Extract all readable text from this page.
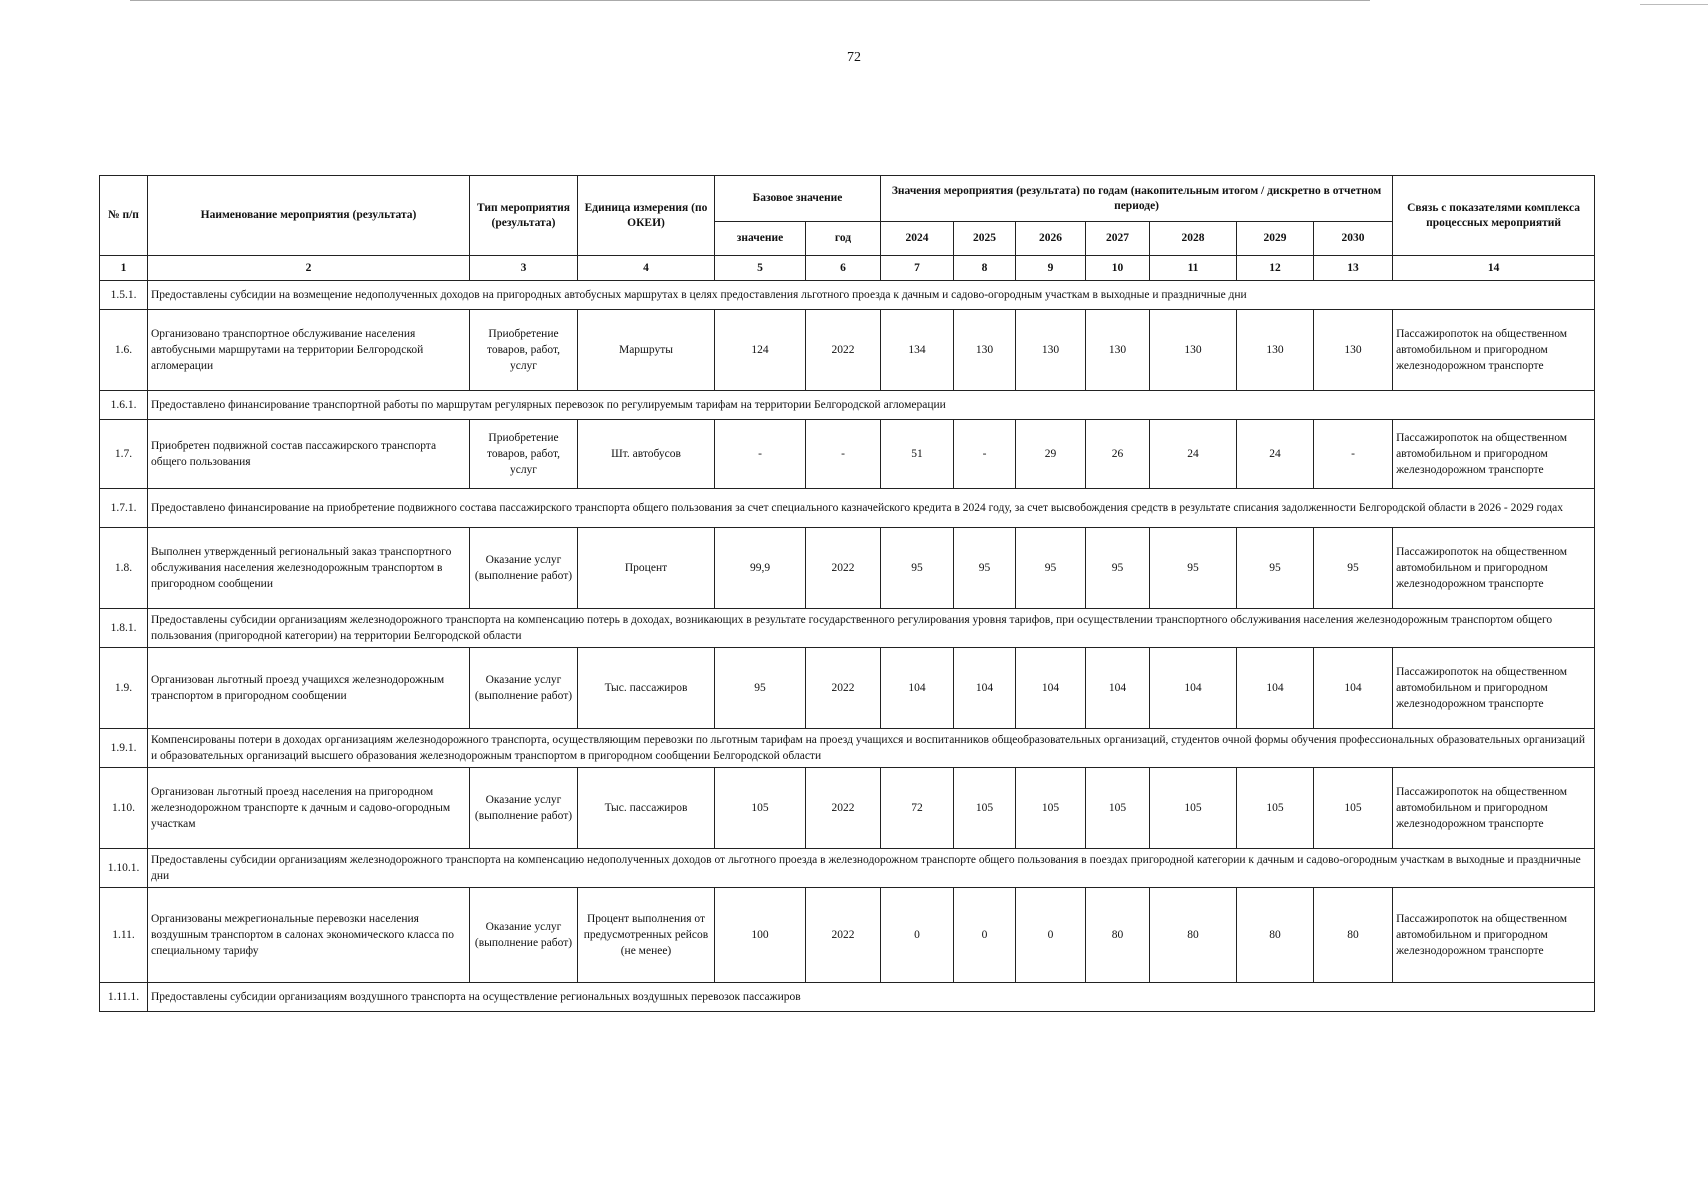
72
№ п/п	Наименование мероприятия (результата)	Тип мероприятия (результата)	Единица измерения (по ОКЕИ)	Базовое значение		Значения мероприятия (результата) по годам (накопительным итогом / дискретно в отчетном периоде)							Связь с показателями комплекса процессных мероприятий
				значение	год	2024	2025	2026	2027	2028	2029	2030	
1	2	3	4	5	6	7	8	9	10	11	12	13	14
1.5.1.	Предоставлены субсидии на возмещение недополученных доходов на пригородных автобусных маршрутах в целях предоставления льготного проезда к дачным и садово-огородным участкам в выходные и праздничные дни												
1.6.	Организовано транспортное обслуживание населения автобусными маршрутами на территории Белгородской агломерации	Приобретение товаров, работ, услуг	Маршруты	124	2022	134	130	130	130	130	130	130	Пассажиропоток на общественном автомобильном и пригородном железнодорожном транспорте
1.6.1.	Предоставлено финансирование транспортной работы по маршрутам регулярных перевозок по регулируемым тарифам на территории Белгородской агломерации												
1.7.	Приобретен подвижной состав пассажирского транспорта общего пользования	Приобретение товаров, работ, услуг	Шт. автобусов	-	-	51	-	29	26	24	24	-	Пассажиропоток на общественном автомобильном и пригородном железнодорожном транспорте
1.7.1.	Предоставлено финансирование на приобретение подвижного состава пассажирского транспорта общего пользования за счет специального казначейского кредита в 2024 году, за счет высвобождения средств в результате списания задолженности Белгородской области в 2026 - 2029 годах												
1.8.	Выполнен утвержденный региональный заказ транспортного обслуживания населения железнодорожным транспортом в пригородном сообщении	Оказание услуг (выполнение работ)	Процент	99,9	2022	95	95	95	95	95	95	95	Пассажиропоток на общественном автомобильном и пригородном железнодорожном транспорте
1.8.1.	Предоставлены субсидии организациям железнодорожного транспорта на компенсацию потерь в доходах, возникающих в результате государственного регулирования уровня тарифов, при осуществлении транспортного обслуживания населения железнодорожным транспортом общего пользования (пригородной категории) на территории Белгородской области												
1.9.	Организован льготный проезд учащихся железнодорожным транспортом в пригородном сообщении	Оказание услуг (выполнение работ)	Тыс. пассажиров	95	2022	104	104	104	104	104	104	104	Пассажиропоток на общественном автомобильном и пригородном железнодорожном транспорте
1.9.1.	Компенсированы потери в доходах организациям железнодорожного транспорта, осуществляющим перевозки по льготным тарифам на проезд учащихся и воспитанников общеобразовательных организаций, студентов очной формы обучения профессиональных образовательных организаций и образовательных организаций высшего образования железнодорожным транспортом в пригородном сообщении Белгородской области												
1.10.	Организован льготный проезд населения на пригородном железнодорожном транспорте к дачным и садово-огородным участкам	Оказание услуг (выполнение работ)	Тыс. пассажиров	105	2022	72	105	105	105	105	105	105	Пассажиропоток на общественном автомобильном и пригородном железнодорожном транспорте
1.10.1.	Предоставлены субсидии организациям железнодорожного транспорта на компенсацию недополученных доходов от льготного проезда в железнодорожном транспорте общего пользования в поездах пригородной категории к дачным и садово-огородным участкам в выходные и праздничные дни												
1.11.	Организованы межрегиональные перевозки населения воздушным транспортом в салонах экономического класса по специальному тарифу	Оказание услуг (выполнение работ)	Процент выполнения от предусмотренных рейсов (не менее)	100	2022	0	0	0	80	80	80	80	Пассажиропоток на общественном автомобильном и пригородном железнодорожном транспорте
1.11.1.	Предоставлены субсидии организациям воздушного транспорта на осуществление региональных воздушных перевозок пассажиров												
